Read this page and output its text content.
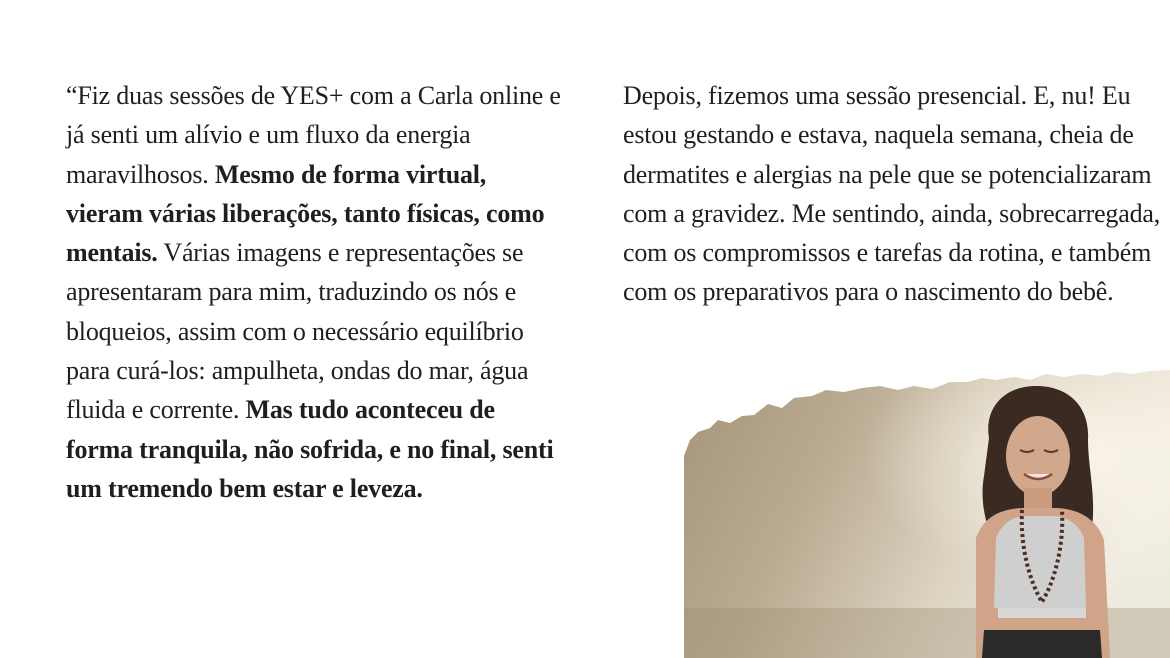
“Fiz duas sessões de YES+ com a Carla online e já senti um alívio e um fluxo da energia maravilhosos. Mesmo de forma virtual, vieram várias liberações, tanto físicas, como mentais. Várias imagens e representações se apresentaram para mim, traduzindo os nós e bloqueios, assim com o necessário equilíbrio para curá-los: ampulheta, ondas do mar, água fluida e corrente. Mas tudo aconteceu de forma tranquila, não sofrida, e no final, senti um tremendo bem estar e leveza.

Depois, fizemos uma sessão presencial. E, nu! Eu estou gestando e estava, naquela semana, cheia de dermatites e alergias na pele que se potencializaram com a gravidez. Me sentindo, ainda, sobrecarregada, com os compromissos e tarefas da rotina, e também com os preparativos para o nascimento do bebê.
